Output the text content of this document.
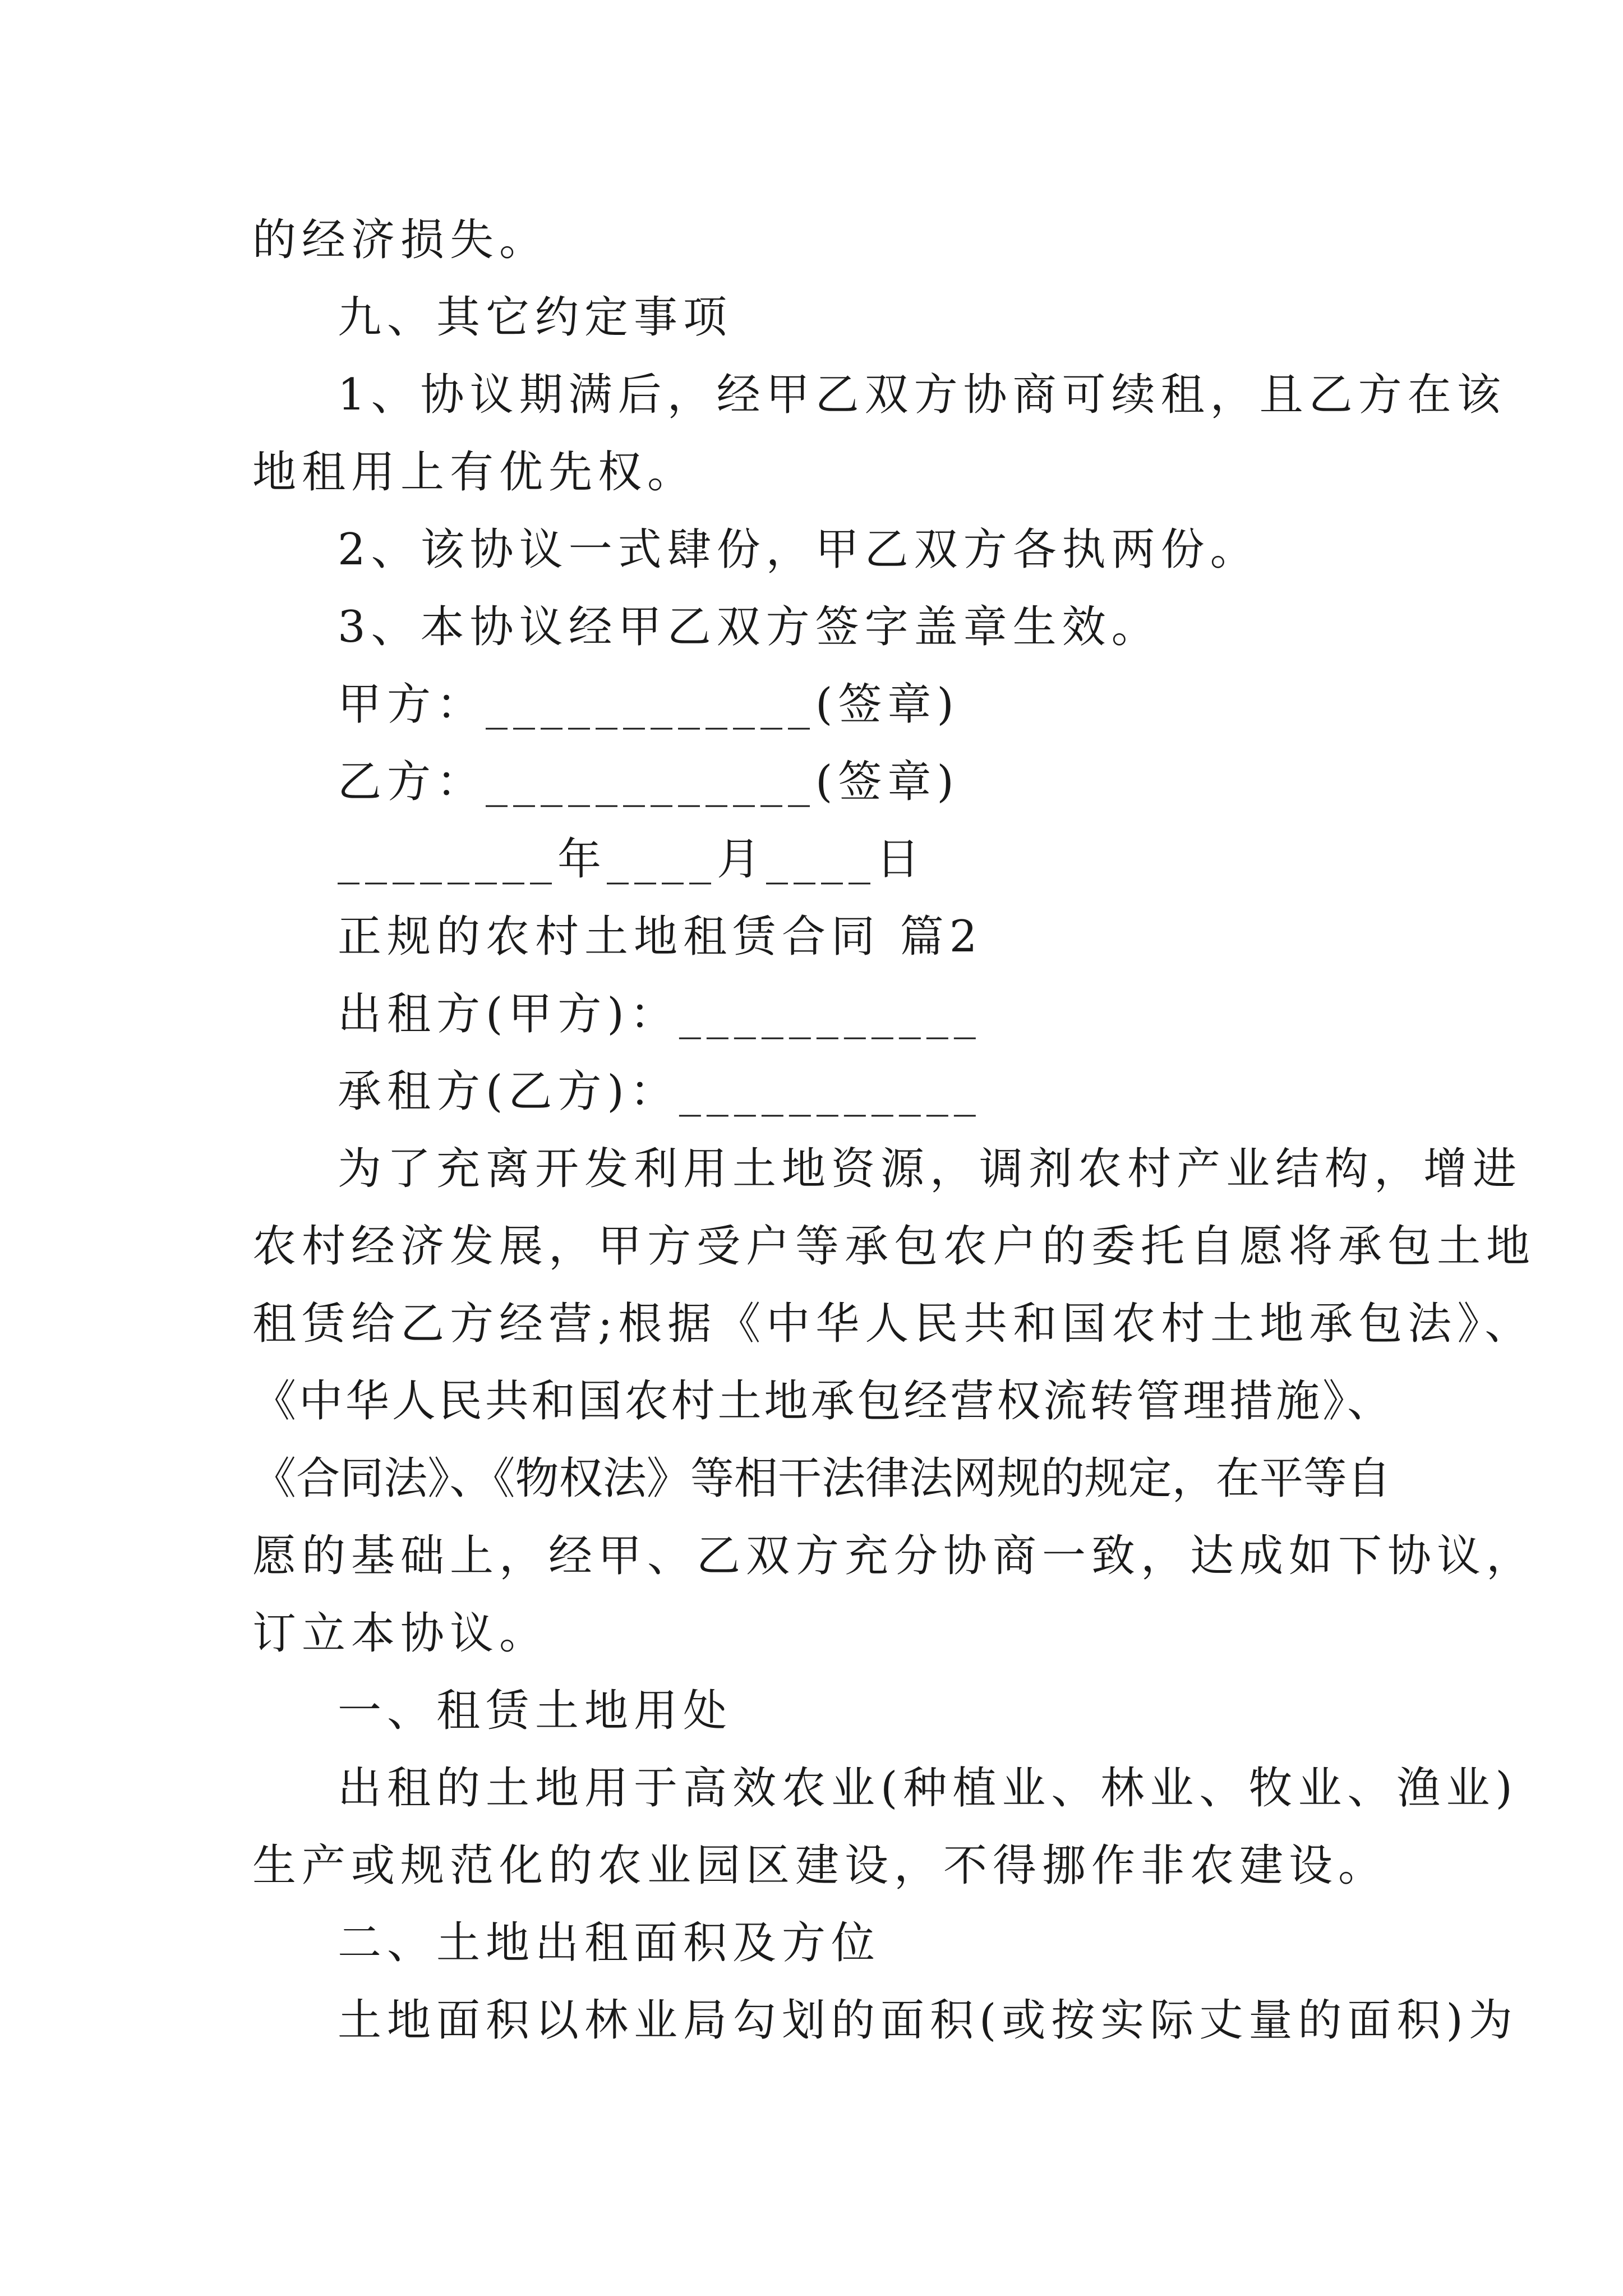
的经济损失。
九、其它约定事项
1、协议期满后，经甲乙双方协商可续租，且乙方在该
地租用上有优先权。
2、该协议一式肆份，甲乙双方各执两份。
3、本协议经甲乙双方签字盖章生效。
甲方：____________(签章)
乙方：____________(签章)
________年____月____日
正规的农村土地租赁合同 篇2
出租方(甲方)：___________
承租方(乙方)：___________
为了充离开发利用土地资源，调剂农村产业结构，增进
农村经济发展，甲方受户等承包农户的委托自愿将承包土地
租赁给乙方经营;根据《中华人民共和国农村土地承包法》、
《中华人民共和国农村土地承包经营权流转管理措施》、
《合同法》、《物权法》等相干法律法网规的规定，在平等自
愿的基础上，经甲、乙双方充分协商一致，达成如下协议，
订立本协议。
一、租赁土地用处
出租的土地用于高效农业(种植业、林业、牧业、渔业)
生产或规范化的农业园区建设，不得挪作非农建设。
二、土地出租面积及方位
土地面积以林业局勾划的面积(或按实际丈量的面积)为
